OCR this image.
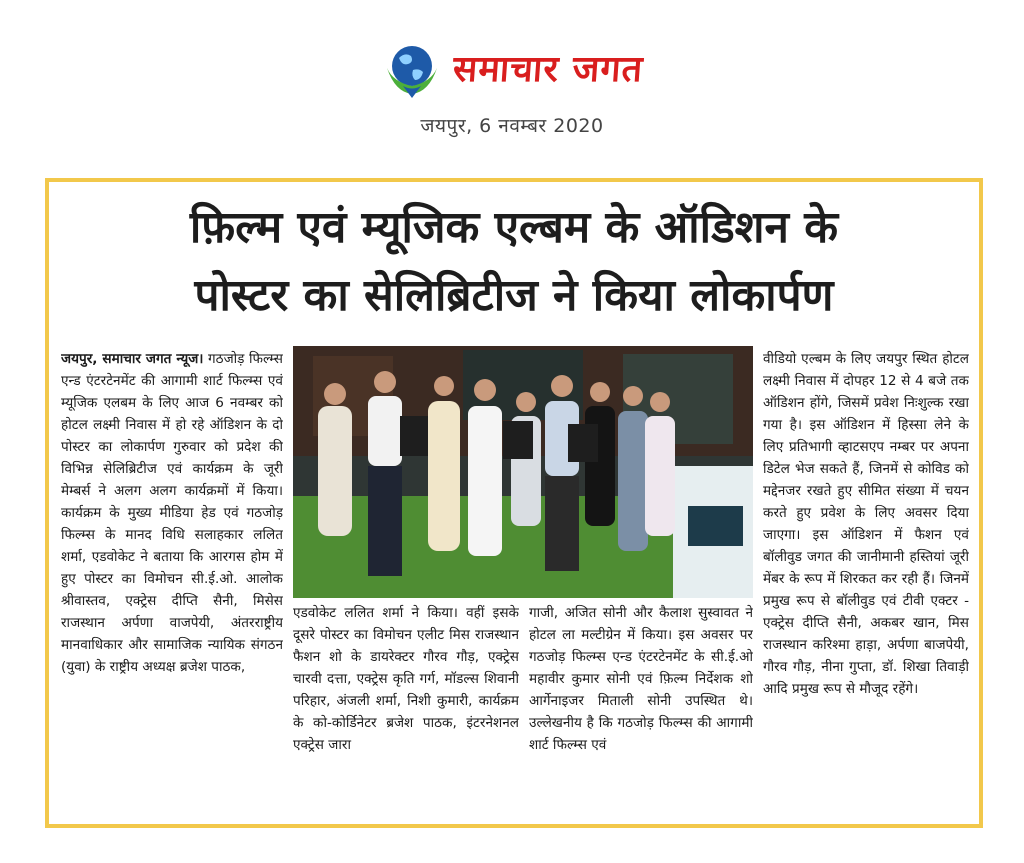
समाचार जगत
जयपुर, 6 नवम्बर 2020
फ़िल्म एवं म्यूजिक एल्बम के ऑडिशन के
पोस्टर का सेलिब्रिटीज ने किया लोकार्पण
जयपुर, समाचार जगत न्यूज। गठजोड़ फिल्म्स एन्ड एंटरटेनमेंट की आगामी शार्ट फिल्म्स एवं म्यूजिक एलबम के लिए आज 6 नवम्बर को होटल लक्ष्मी निवास में हो रहे ऑडिशन के दो पोस्टर का लोकार्पण गुरुवार को प्रदेश की विभिन्न सेलिब्रिटीज एवं कार्यक्रम के जूरी मेम्बर्स ने अलग अलग कार्यक्रमों में किया। कार्यक्रम के मुख्य मीडिया हेड एवं गठजोड़ फिल्म्स के मानद विधि सलाहकार ललित शर्मा, एडवोकेट ने बताया कि आरगस होम में हुए पोस्टर का विमोचन सी.ई.ओ. आलोक श्रीवास्तव, एक्ट्रेस दीप्ति सैनी, मिसेस राजस्थान अर्पणा वाजपेयी, अंतरराष्ट्रीय मानवाधिकार और सामाजिक न्यायिक संगठन (युवा) के राष्ट्रीय अध्यक्ष ब्रजेश पाठक,
एडवोकेट ललित शर्मा ने किया। वहीं इसके दूसरे पोस्टर का विमोचन एलीट मिस राजस्थान फैशन शो के डायरेक्टर गौरव गौड़, एक्ट्रेस चारवी दत्ता, एक्ट्रेस कृति गर्ग, मॉडल्स शिवानी परिहार, अंजली शर्मा, निशी कुमारी, कार्यक्रम के को-कोर्डिनेटर ब्रजेश पाठक, इंटरनेशनल एक्ट्रेस जारा
गाजी, अजित सोनी और कैलाश सुस्वावत ने होटल ला मल्टीग्रेन में किया। इस अवसर पर गठजोड़ फिल्म्स एन्ड एंटरटेनमेंट के सी.ई.ओ महावीर कुमार सोनी एवं फ़िल्म निर्देशक शो आर्गेनाइजर मिताली सोनी उपस्थित थे। उल्लेखनीय है कि गठजोड़ फिल्म्स की आगामी शार्ट फिल्म्स एवं
वीडियो एल्बम के लिए जयपुर स्थित होटल लक्ष्मी निवास में दोपहर 12 से 4 बजे तक ऑडिशन होंगे, जिसमें प्रवेश निःशुल्क रखा गया है। इस ऑडिशन में हिस्सा लेने के लिए प्रतिभागी व्हाटसएप नम्बर पर अपना डिटेल भेज सकते हैं, जिनमें से कोविड को मद्देनजर रखते हुए सीमित संख्या में चयन करते हुए प्रवेश के लिए अवसर दिया जाएगा। इस ऑडिशन में फैशन एवं बॉलीवुड जगत की जानीमानी हस्तियां जूरी मेंबर के रूप में शिरकत कर रही हैं। जिनमें प्रमुख रूप से बॉलीवुड एवं टीवी एक्टर - एक्ट्रेस दीप्ति सैनी, अकबर खान, मिस राजस्थान करिश्मा हाड़ा, अर्पणा बाजपेयी, गौरव गौड़, नीना गुप्ता, डॉ. शिखा तिवाड़ी आदि प्रमुख रूप से मौजूद रहेंगे।
